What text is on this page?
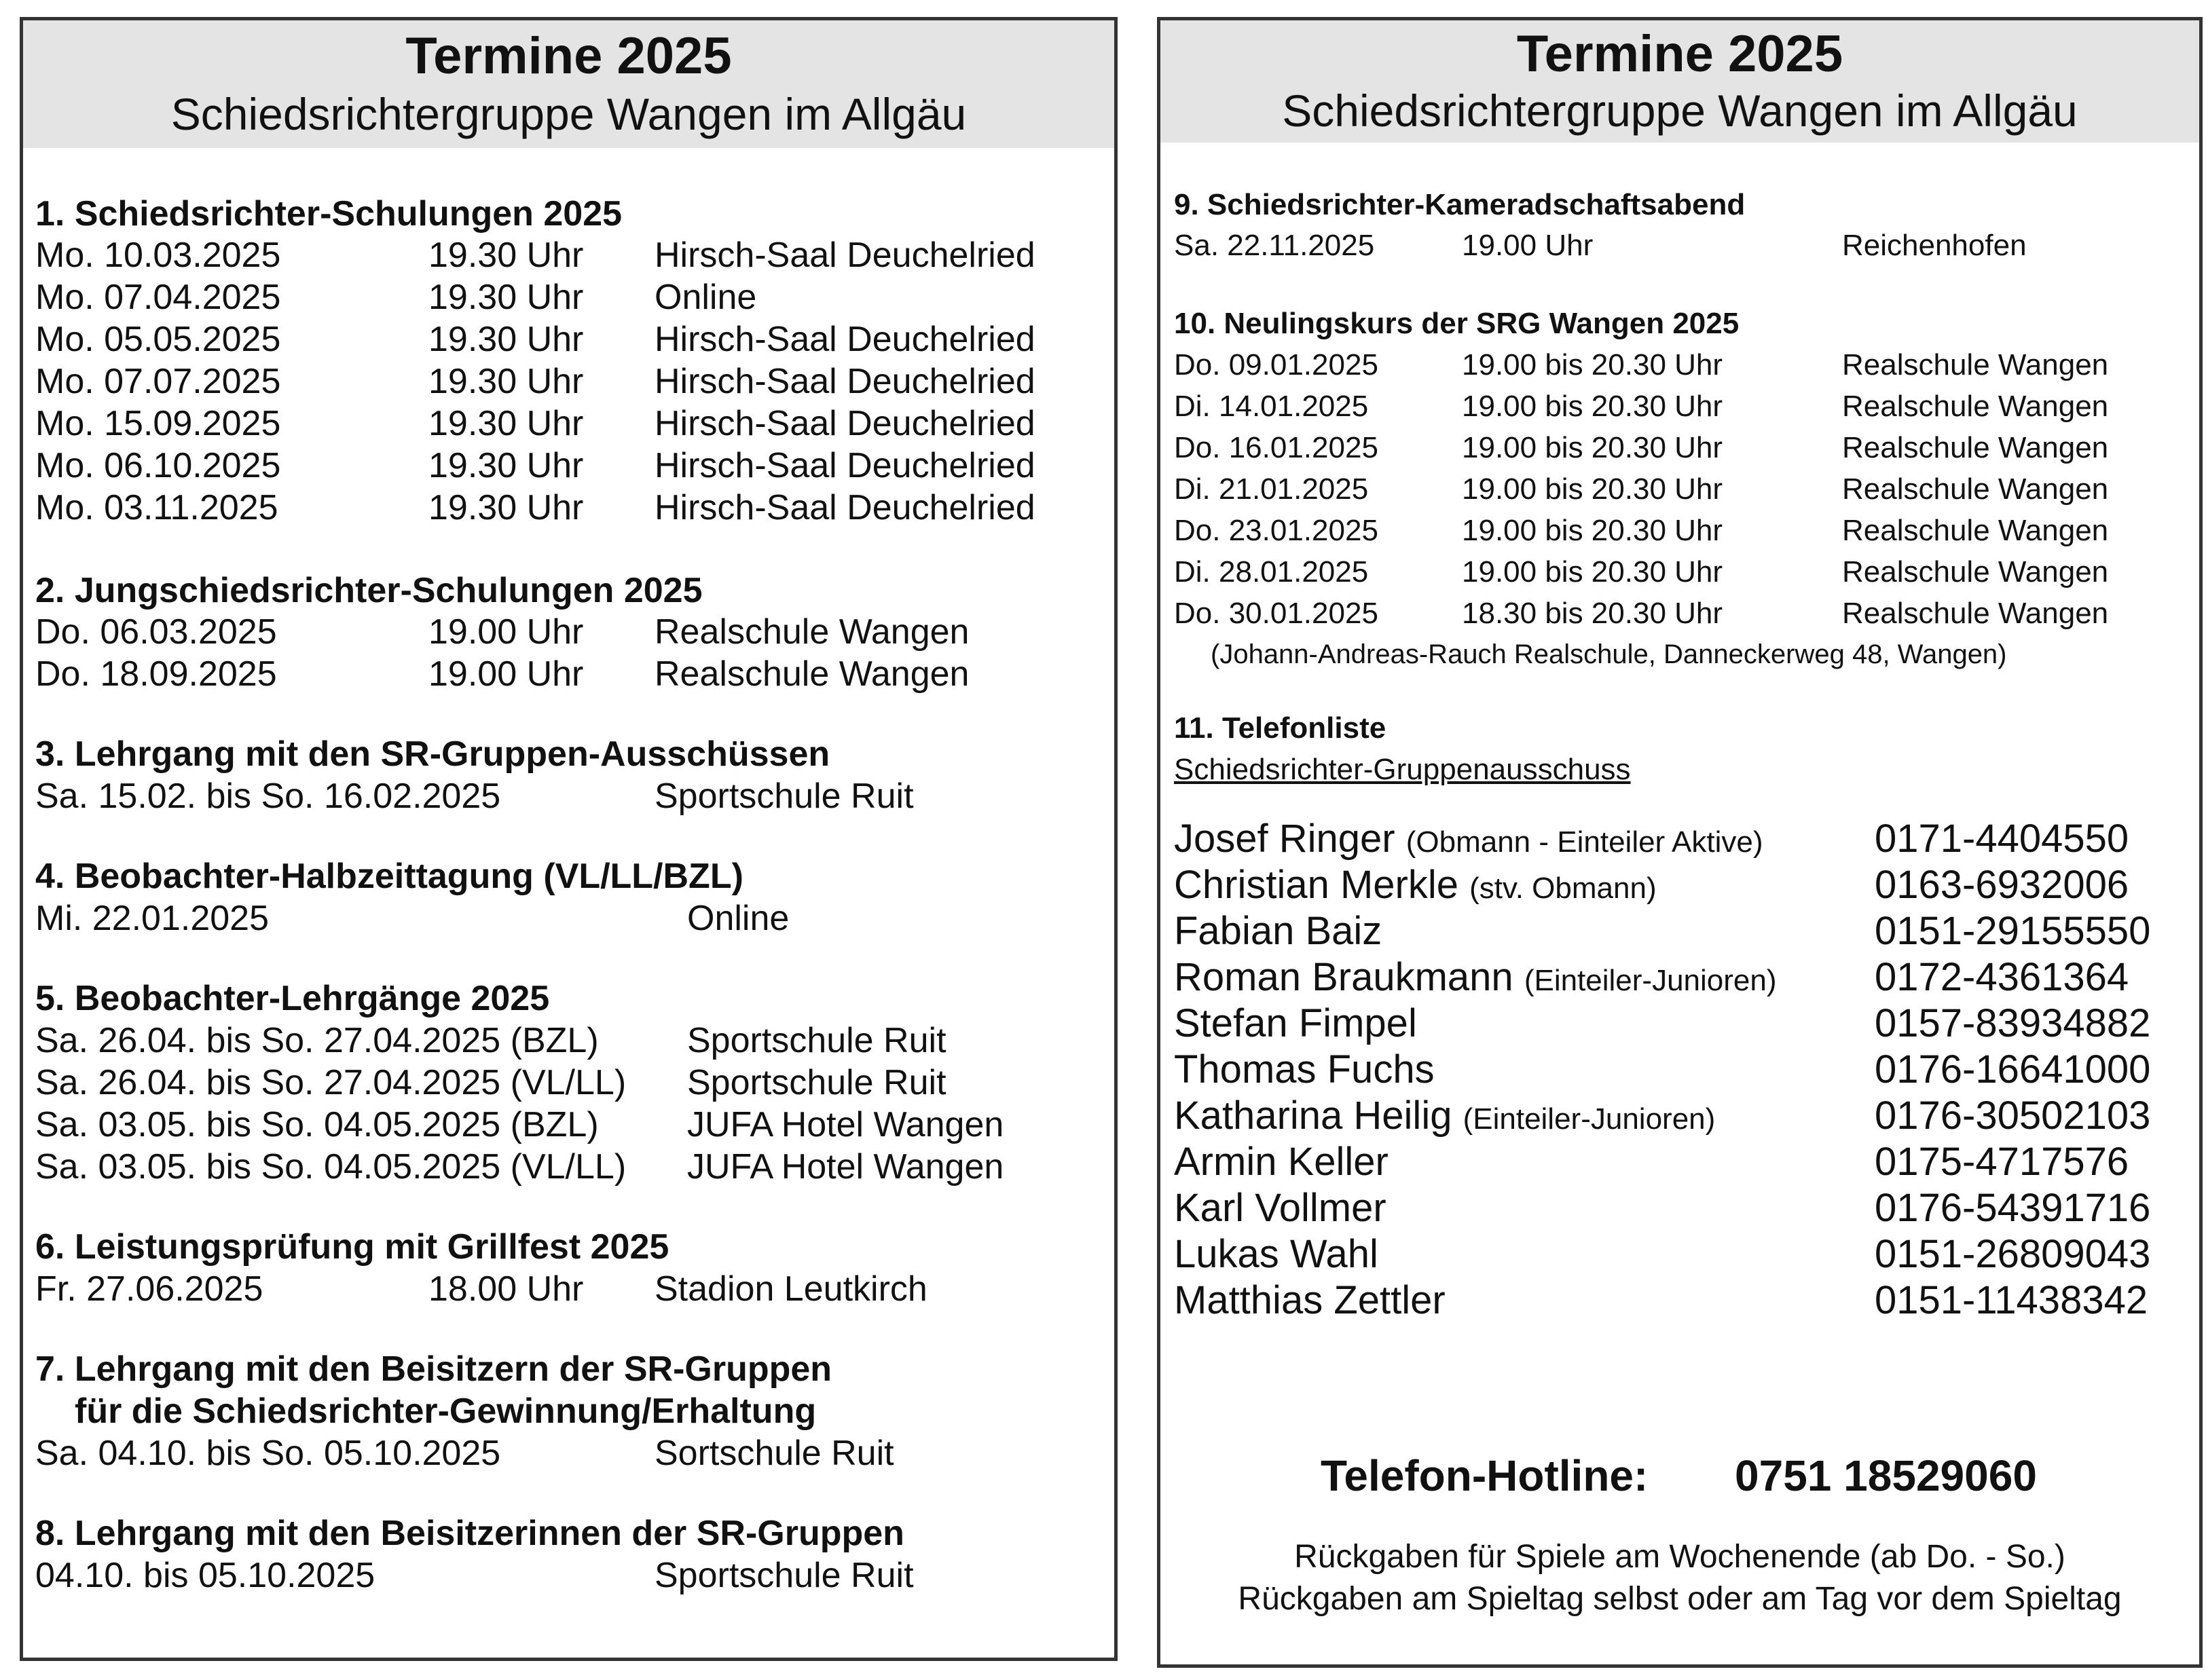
Termine 2025
Schiedsrichtergruppe Wangen im Allgäu
1. Schiedsrichter-Schulungen 2025
Mo. 10.03.2025	19.30 Uhr Hirsch-Saal Deuchelried
Mo. 07.04.2025	19.30 Uhr Online
Mo. 05.05.2025	19.30 Uhr Hirsch-Saal Deuchelried
Mo. 07.07.2025	19.30 Uhr Hirsch-Saal Deuchelried
Mo. 15.09.2025	19.30 Uhr Hirsch-Saal Deuchelried
Mo. 06.10.2025	19.30 Uhr Hirsch-Saal Deuchelried
Mo. 03.11.2025	19.30 Uhr Hirsch-Saal Deuchelried
2. Jungschiedsrichter-Schulungen 2025
Do. 06.03.2025	19.00 Uhr Realschule Wangen
Do. 18.09.2025	19.00 Uhr Realschule Wangen
3. Lehrgang mit den SR-Gruppen-Ausschüssen
Sa. 15.02. bis So. 16.02.2025	Sportschule Ruit
4. Beobachter-Halbzeittagung (VL/LL/BZL)
Mi. 22.01.2025	Online
5. Beobachter-Lehrgänge 2025
Sa. 26.04. bis So. 27.04.2025 (BZL)	Sportschule Ruit
Sa. 26.04. bis So. 27.04.2025 (VL/LL) Sportschule Ruit
Sa. 03.05. bis So. 04.05.2025 (BZL)	JUFA Hotel Wangen
Sa. 03.05. bis So. 04.05.2025 (VL/LL) JUFA Hotel Wangen
6. Leistungsprüfung mit Grillfest 2025
Fr. 27.06.2025	18.00 Uhr Stadion Leutkirch
7. Lehrgang mit den Beisitzern der SR-Gruppen
für die Schiedsrichter-Gewinnung/Erhaltung
Sa. 04.10. bis So. 05.10.2025	Sortschule Ruit
8. Lehrgang mit den Beisitzerinnen der SR-Gruppen
04.10. bis 05.10.2025	Sportschule Ruit
Termine 2025
Schiedsrichtergruppe Wangen im Allgäu
9. Schiedsrichter-Kameradschaftsabend
Sa. 22.11.2025	19.00 Uhr	Reichenhofen
10. Neulingskurs der SRG Wangen 2025
Do. 09.01.2025	19.00 bis 20.30 Uhr	Realschule Wangen
Di. 14.01.2025	19.00 bis 20.30 Uhr	Realschule Wangen
Do. 16.01.2025	19.00 bis 20.30 Uhr	Realschule Wangen
Di. 21.01.2025	19.00 bis 20.30 Uhr	Realschule Wangen
Do. 23.01.2025	19.00 bis 20.30 Uhr	Realschule Wangen
Di. 28.01.2025	19.00 bis 20.30 Uhr	Realschule Wangen
Do. 30.01.2025	18.30 bis 20.30 Uhr	Realschule Wangen
(Johann-Andreas-Rauch Realschule, Danneckerweg 48, Wangen)
11. Telefonliste
Schiedsrichter-Gruppenausschuss
Josef Ringer (Obmann - Einteiler Aktive)	0171-4404550
Christian Merkle (stv. Obmann)	0163-6932006
Fabian Baiz	0151-29155550
Roman Braukmann (Einteiler-Junioren) 0172-4361364
Stefan Fimpel	0157-83934882
Thomas Fuchs	0176-16641000
Katharina Heilig (Einteiler-Junioren)	0176-30502103
Armin Keller	0175-4717576
Karl Vollmer	0176-54391716
Lukas Wahl	0151-26809043
Matthias Zettler	0151-11438342
Telefon-Hotline: 0751 18529060
Rückgaben für Spiele am Wochenende (ab Do. - So.)
Rückgaben am Spieltag selbst oder am Tag vor dem Spieltag
